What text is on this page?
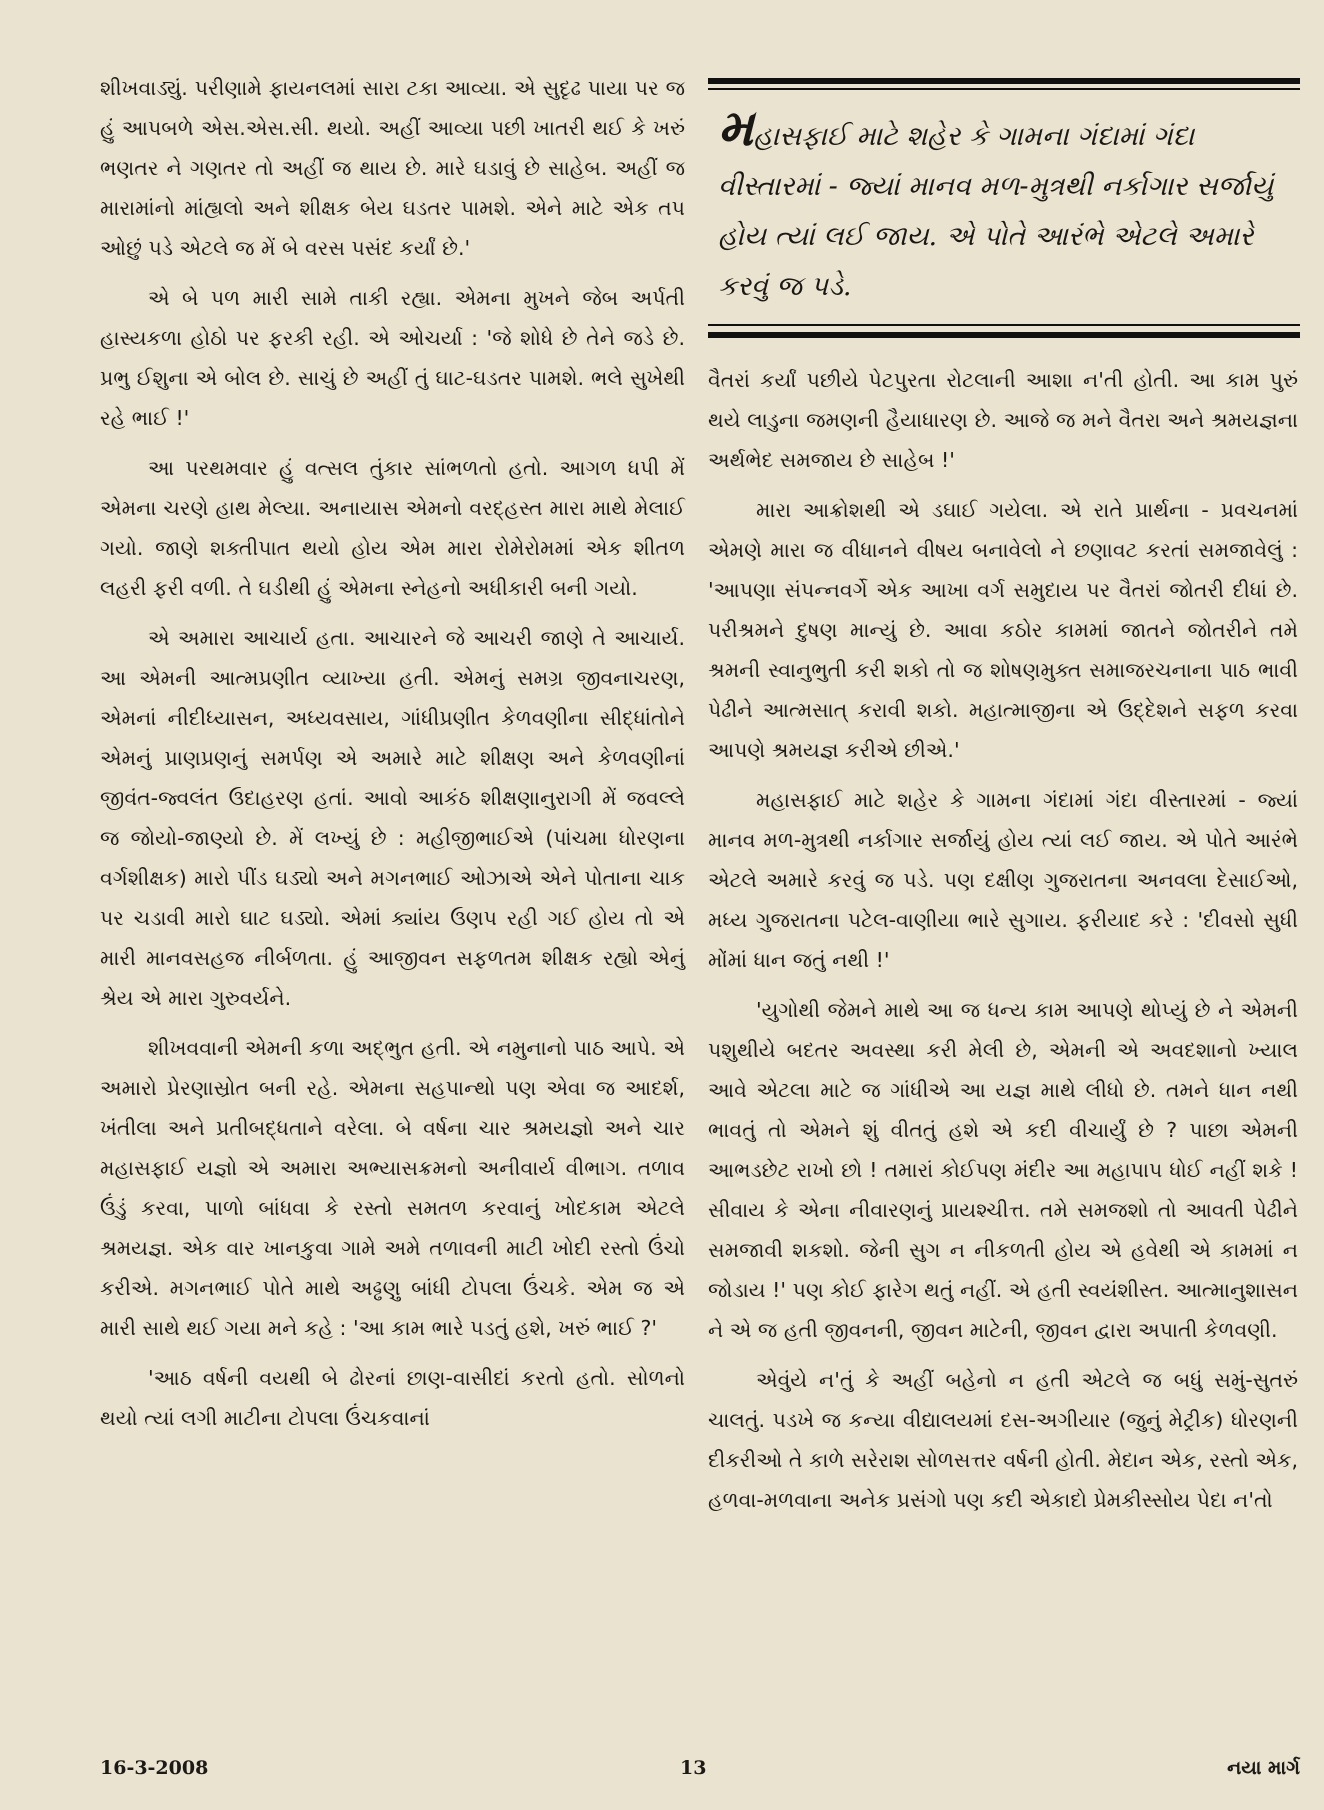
શીખવાડ્યું. પરીણામે ફાયનલમાં સારા ટકા આવ્યા. એ સુદૃઢ પાયા પર જ હું આપબળે એસ.એસ.સી. થયો. અહીં આવ્યા પછી ખાતરી થઈ કે ખરું ભણતર ને ગણતર તો અહીં જ થાય છે. મારે ઘડાવું છે સાહેબ. અહીં જ મારામાંનો માંહ્યલો અને શીક્ષક બેય ઘડતર પામશે. એને માટે એક તપ ઓછું પડે એટલે જ મેં બે વરસ પસંદ કર્યાં છે.'

એ બે પળ મારી સામે તાકી રહ્યા. એમના મુખને જેબ અર્પતી હાસ્યકળા હોઠો પર ફરકી રહી. એ ઓચર્યા : 'જે શોધે છે તેને જડે છે. પ્રભુ ઈશુના એ બોલ છે. સાચું છે અહીં તું ઘાટ-ઘડતર પામશે. ભલે સુખેથી રહે ભાઈ !'

આ પરથમવાર હું વત્સલ તુંકાર સાંભળતો હતો. આગળ ધપી મેં એમના ચરણે હાથ મેલ્યા. અનાયાસ એમનો વરદ્હસ્ત મારા માથે મેલાઈ ગયો. જાણે શક્તીપાત થયો હોય એમ મારા રોમેરોમમાં એક શીતળ લહરી ફરી વળી. તે ઘડીથી હું એમના સ્નેહનો અધીકારી બની ગયો.

એ અમારા આચાર્ય હતા. આચારને જે આચરી જાણે તે આચાર્ય. આ એમની આત્મપ્રણીત વ્યાખ્યા હતી. એમનું સમગ્ર જીવનાચરણ, એમનાં નીદીધ્યાસન, અધ્યવસાય, ગાંધીપ્રણીત કેળવણીના સીદ્ધાંતોને એમનું પ્રાણપ્રણનું સમર્પણ એ અમારે માટે શીક્ષણ અને કેળવણીનાં જીવંત-જ્વલંત ઉદાહરણ હતાં. આવો આકંઠ શીક્ષણાનુરાગી મેં જવલ્લે જ જોયો-જાણ્યો છે. મેં લખ્યું છે : મહીજીભાઈએ (પાંચમા ધોરણના વર્ગશીક્ષક) મારો પીંડ ઘડ્યો અને મગનભાઈ ઓઝાએ એને પોતાના ચાક પર ચડાવી મારો ઘાટ ઘડ્યો. એમાં ક્યાંય ઉણપ રહી ગઈ હોય તો એ મારી માનવસહજ નીર્બળતા. હું આજીવન સફળતમ શીક્ષક રહ્યો એનું શ્રેય એ મારા ગુરુવર્યને.

શીખવવાની એમની કળા અદ્ભુત હતી. એ નમુનાનો પાઠ આપે. એ અમારો પ્રેરણાસ્રોત બની રહે. એમના સહપાન્થો પણ એવા જ આદર્શ, ખંતીલા અને પ્રતીબદ્ધતાને વરેલા. બે વર્ષના ચાર શ્રમયજ્ઞો અને ચાર મહાસફાઈ યજ્ઞો એ અમારા અભ્યાસક્રમનો અનીવાર્ય વીભાગ. તળાવ ઉંડું કરવા, પાળો બાંધવા કે રસ્તો સમતળ કરવાનું ખોદકામ એટલે શ્રમયજ્ઞ. એક વાર ખાનકુવા ગામે અમે તળાવની માટી ખોદી રસ્તો ઉંચો કરીએ. મગનભાઈ પોતે માથે અઢ્ઢણુ બાંધી ટોપલા ઉંચકે. એમ જ એ મારી સાથે થઈ ગયા મને કહે : 'આ કામ ભારે પડતું હશે, ખરું ભાઈ ?'

'આઠ વર્ષની વયથી બે ઢોરનાં છાણ-વાસીદાં કરતો હતો. સોળનો થયો ત્યાં લગી માટીના ટોપલા ઉંચકવાનાં

મહાસફાઈ માટે શહેર કે ગામના ગંદામાં ગંદા વીસ્તારમાં - જ્યાં માનવ મળ-મુત્રથી નર્કાગાર સર્જાયું હોય ત્યાં લઈ જાય. એ પોતે આરંભે એટલે અમારે કરવું જ પડે.

વૈતરાં કર્યાં પછીયે પેટપુરતા રોટલાની આશા ન'તી હોતી. આ કામ પુરું થયે લાડુના જમણની હૈયાધારણ છે. આજે જ મને વૈતરા અને શ્રમયજ્ઞના અર્થભેદ સમજાય છે સાહેબ !'

મારા આક્રોશથી એ ડઘાઈ ગયેલા. એ રાતે પ્રાર્થના - પ્રવચનમાં એમણે મારા જ વીધાનને વીષય બનાવેલો ને છણાવટ કરતાં સમજાવેલું : 'આપણા સંપન્નવર્ગે એક આખા વર્ગ સમુદાય પર વૈતરાં જોતરી દીધાં છે. પરીશ્રમને દુષણ માન્યું છે. આવા કઠોર કામમાં જાતને જોતરીને તમે શ્રમની સ્વાનુભુતી કરી શકો તો જ શોષણમુક્ત સમાજરચનાના પાઠ ભાવી પેઢીને આત્મસાત્ કરાવી શકો. મહાત્માજીના એ ઉદ્દેશને સફળ કરવા આપણે શ્રમયજ્ઞ કરીએ છીએ.'

મહાસફાઈ માટે શહેર કે ગામના ગંદામાં ગંદા વીસ્તારમાં - જ્યાં માનવ મળ-મુત્રથી નર્કાગાર સર્જાયું હોય ત્યાં લઈ જાય. એ પોતે આરંભે એટલે અમારે કરવું જ પડે. પણ દક્ષીણ ગુજરાતના અનવલા દેસાઈઓ, મધ્ય ગુજરાતના પટેલ-વાણીયા ભારે સુગાય. ફરીયાદ કરે : 'દીવસો સુધી મોંમાં ધાન જતું નથી !'

'યુગોથી જેમને માથે આ જ ધન્ય કામ આપણે થોપ્યું છે ને એમની પશુથીયે બદતર અવસ્થા કરી મેલી છે, એમની એ અવદશાનો ખ્યાલ આવે એટલા માટે જ ગાંધીએ આ યજ્ઞ માથે લીધો છે. તમને ધાન નથી ભાવતું તો એમને શું વીતતું હશે એ કદી વીચાર્યું છે ? પાછા એમની આભડછેટ રાખો છો ! તમારાં કોઈપણ મંદીર આ મહાપાપ ધોઈ નહીં શકે ! સીવાય કે એના નીવારણનું પ્રાયશ્ચીત્ત. તમે સમજશો તો આવતી પેઢીને સમજાવી શકશો. જેની સુગ ન નીકળતી હોય એ હવેથી એ કામમાં ન જોડાય !' પણ કોઈ ફારેગ થતું નહીં. એ હતી સ્વયંશીસ્ત. આત્માનુશાસન ને એ જ હતી જીવનની, જીવન માટેની, જીવન દ્વારા અપાતી કેળવણી.

એવુંયે ન'તું કે અહીં બહેનો ન હતી એટલે જ બધું સમું-સુતરું ચાલતું. પડખે જ કન્યા વીદ્યાલયમાં દસ-અગીયાર (જુનું મેટ્રીક) ધોરણની દીકરીઓ તે કાળે સરેરાશ સોળસત્તર વર્ષની હોતી. મેદાન એક, રસ્તો એક, હળવા-મળવાના અનેક પ્રસંગો પણ કદી એકાદો પ્રેમકીસ્સોય પેદા ન'તો

16-3-2008	13	નયા માર્ગ
